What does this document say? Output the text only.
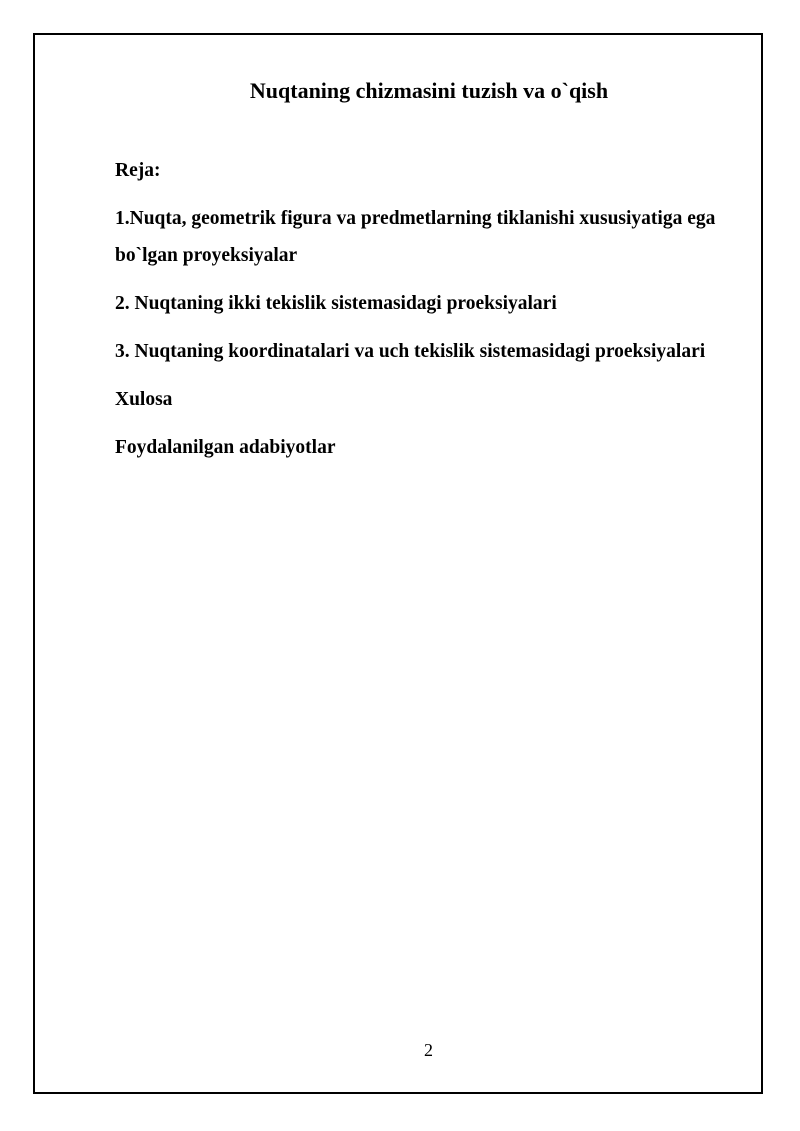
Nuqtaning chizmasini tuzish va o`qish

Reja:

1.Nuqta, geometrik figura va predmetlarning tiklanishi xususiyatiga ega bo`lgan proyeksiyalar

2. Nuqtaning ikki tekislik sistemasidagi proeksiyalari

3. Nuqtaning koordinatalari va uch tekislik sistemasidagi proeksiyalari

Xulosa

Foydalanilgan adabiyotlar

2
